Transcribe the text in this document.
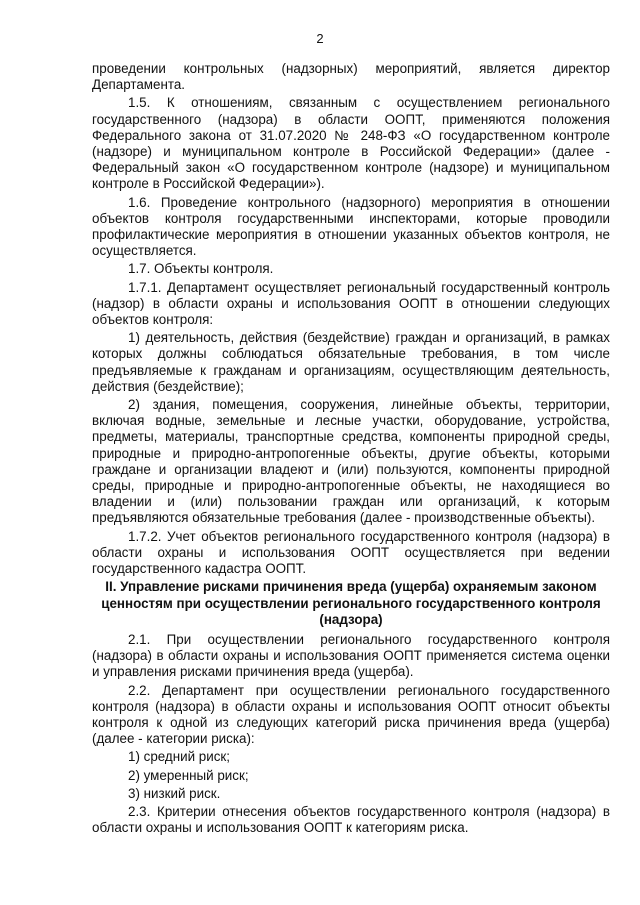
2

проведении контрольных (надзорных) мероприятий, является директор Департамента.

1.5. К отношениям, связанным с осуществлением регионального государственного (надзора) в области ООПТ, применяются положения Федерального закона от 31.07.2020 № 248-ФЗ «О государственном контроле (надзоре) и муниципальном контроле в Российской Федерации» (далее - Федеральный закон «О государственном контроле (надзоре) и муниципальном контроле в Российской Федерации»).

1.6. Проведение контрольного (надзорного) мероприятия в отношении объектов контроля государственными инспекторами, которые проводили профилактические мероприятия в отношении указанных объектов контроля, не осуществляется.

1.7. Объекты контроля.

1.7.1. Департамент осуществляет региональный государственный контроль (надзор) в области охраны и использования ООПТ в отношении следующих объектов контроля:

1) деятельность, действия (бездействие) граждан и организаций, в рамках которых должны соблюдаться обязательные требования, в том числе предъявляемые к гражданам и организациям, осуществляющим деятельность, действия (бездействие);

2) здания, помещения, сооружения, линейные объекты, территории, включая водные, земельные и лесные участки, оборудование, устройства, предметы, материалы, транспортные средства, компоненты природной среды, природные и природно-антропогенные объекты, другие объекты, которыми граждане и организации владеют и (или) пользуются, компоненты природной среды, природные и природно-антропогенные объекты, не находящиеся во владении и (или) пользовании граждан или организаций, к которым предъявляются обязательные требования (далее - производственные объекты).

1.7.2. Учет объектов регионального государственного контроля (надзора) в области охраны и использования ООПТ осуществляется при ведении государственного кадастра ООПТ.

II. Управление рисками причинения вреда (ущерба) охраняемым законом ценностям при осуществлении регионального государственного контроля (надзора)

2.1. При осуществлении регионального государственного контроля (надзора) в области охраны и использования ООПТ применяется система оценки и управления рисками причинения вреда (ущерба).

2.2. Департамент при осуществлении регионального государственного контроля (надзора) в области охраны и использования ООПТ относит объекты контроля к одной из следующих категорий риска причинения вреда (ущерба) (далее - категории риска):

1) средний риск;

2) умеренный риск;

3) низкий риск.

2.3. Критерии отнесения объектов государственного контроля (надзора) в области охраны и использования ООПТ к категориям риска.
